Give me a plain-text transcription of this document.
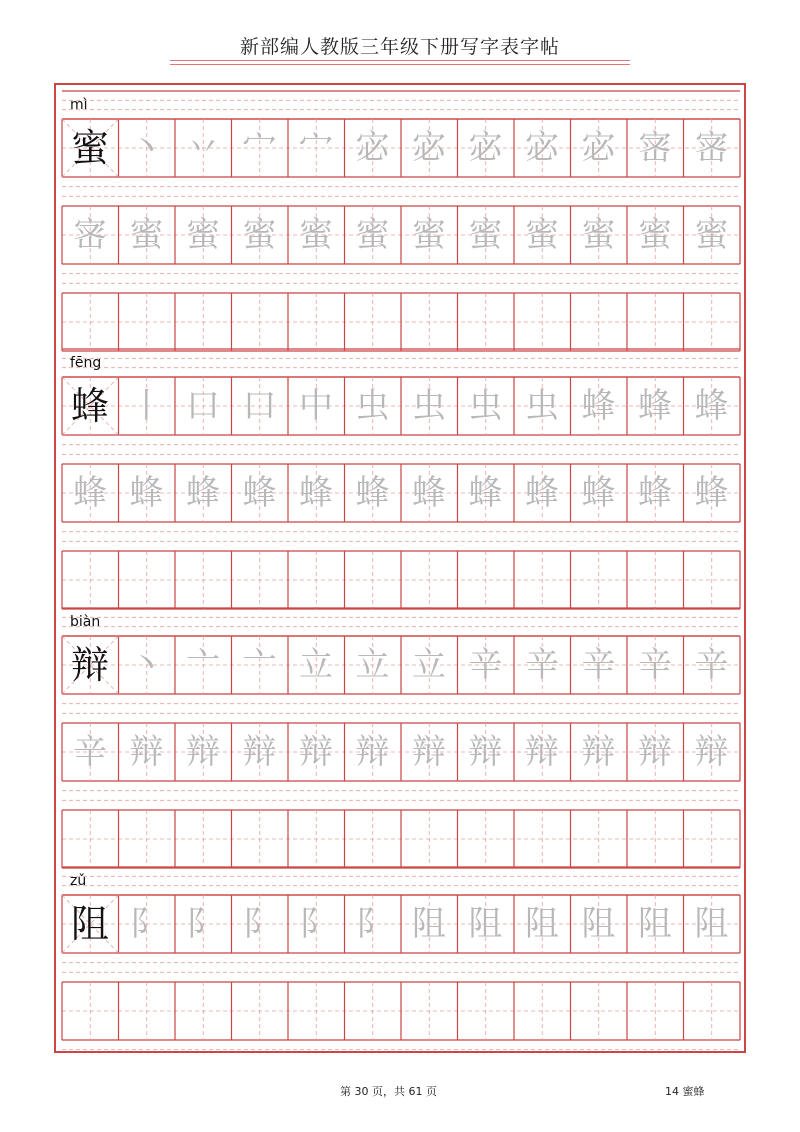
新部编人教版三年级下册写字表字帖
mì
蜜 丶 丷 宀 宀 宓 宓 宓 宓 宓 宻 宻
宻 蜜 蜜 蜜 蜜 蜜 蜜 蜜 蜜 蜜 蜜 蜜
fēng
蜂 丨 口 口 中 虫 虫 虫 虫 蜂 蜂 蜂
蜂 蜂 蜂 蜂 蜂 蜂 蜂 蜂 蜂 蜂 蜂 蜂
biàn
辩 丶 亠 亠 立 立 立 辛 辛 辛 辛 辛
辛 辩 辩 辩 辩 辩 辩 辩 辩 辩 辩 辩
zǔ
阻 阝 阝 阝 阝 阝 阻 阻 阻 阻 阻 阻
第 30 页，共 61 页	14 蜜蜂
